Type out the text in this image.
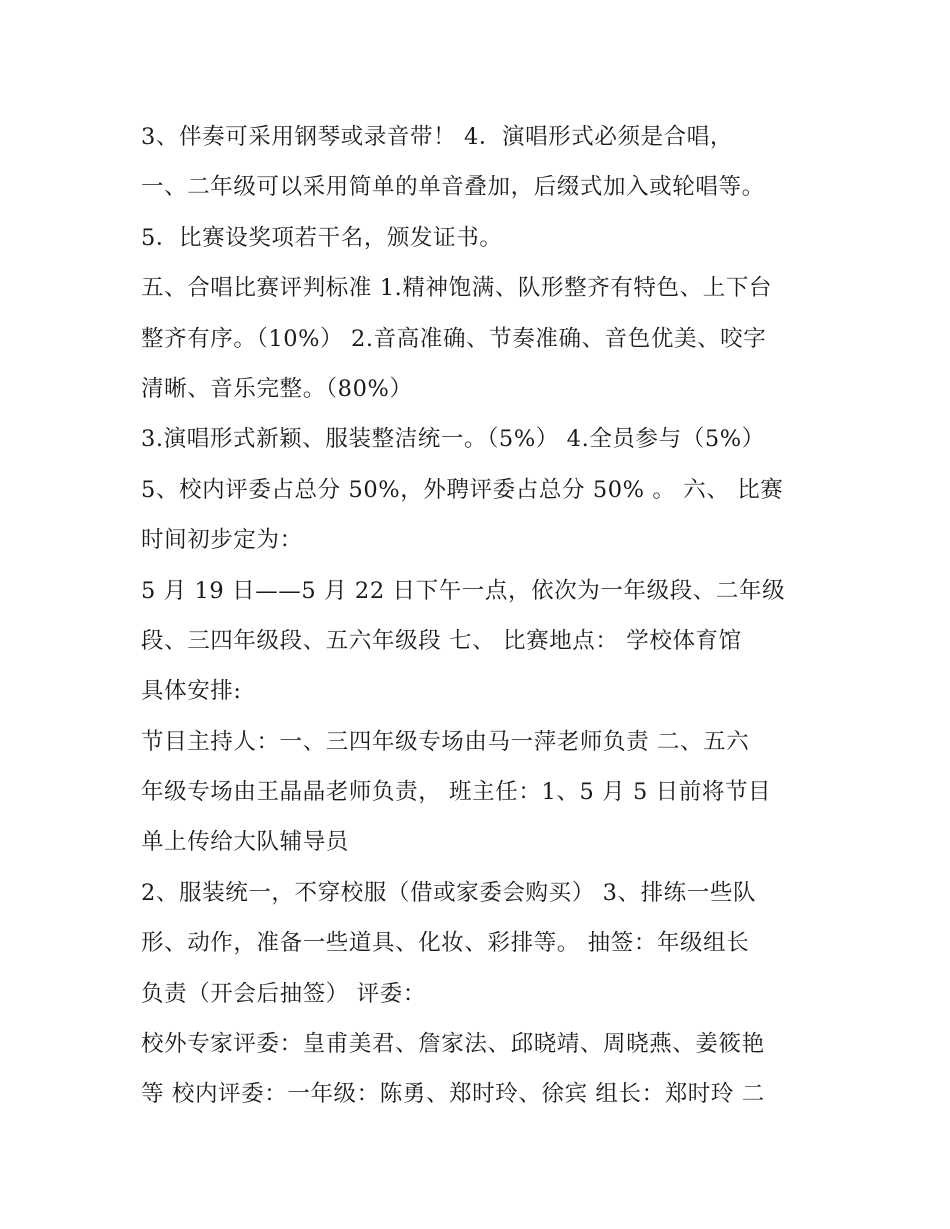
3、伴奏可采用钢琴或录音带！ 4．演唱形式必须是合唱，
一、二年级可以采用简单的单音叠加，后缀式加入或轮唱等。
5．比赛设奖项若干名，颁发证书。
五、合唱比赛评判标准 1.精神饱满、队形整齐有特色、上下台
整齐有序。（10%） 2.音高准确、节奏准确、音色优美、咬字
清晰、音乐完整。（80%）
3.演唱形式新颖、服装整洁统一。（5%） 4.全员参与（5%）
5、校内评委占总分 50%，外聘评委占总分 50% 。 六、 比赛
时间初步定为：
5 月 19 日——5 月 22 日下午一点，依次为一年级段、二年级
段、三四年级段、五六年级段 七、 比赛地点： 学校体育馆
具体安排:
节目主持人：一、三四年级专场由马一萍老师负责 二、五六
年级专场由王晶晶老师负责， 班主任：1、5 月 5 日前将节目
单上传给大队辅导员
2、服装统一，不穿校服（借或家委会购买） 3、排练一些队
形、动作，准备一些道具、化妆、彩排等。 抽签：年级组长
负责（开会后抽签） 评委：
校外专家评委：皇甫美君、詹家法、邱晓靖、周晓燕、姜筱艳
等 校内评委：一年级：陈勇、郑时玲、徐宾 组长：郑时玲 二
